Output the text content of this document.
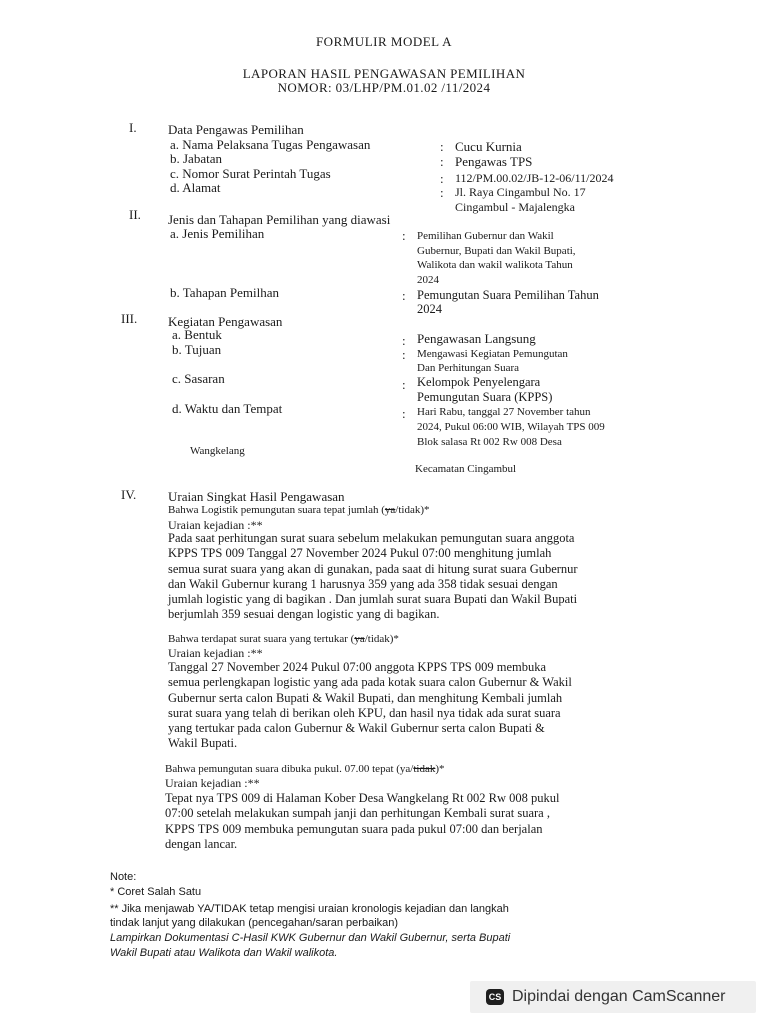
FORMULIR MODEL A
LAPORAN HASIL PENGAWASAN PEMILIHAN
NOMOR: 03/LHP/PM.01.02 /11/2024
I. Data Pengawas Pemilihan
a. Nama Pelaksana Tugas Pengawasan	: Cucu Kurnia
b. Jabatan	: Pengawas TPS
c. Nomor Surat Perintah Tugas	: 112/PM.00.02/JB-12-06/11/2024
d. Alamat	: Jl. Raya Cingambul No. 17
Cingambul - Majalengka
II. Jenis dan Tahapan Pemilihan yang diawasi
a. Jenis Pemilihan	: Pemilihan Gubernur dan Wakil
Gubernur, Bupati dan Wakil Bupati,
Walikota dan wakil walikota Tahun
2024
b. Tahapan Pemilhan	: Pemungutan Suara Pemilihan Tahun
2024
III. Kegiatan Pengawasan
a. Bentuk	: Pengawasan Langsung
b. Tujuan	: Mengawasi Kegiatan Pemungutan
Dan Perhitungan Suara
c. Sasaran	: Kelompok Penyelengara
Pemungutan Suara (KPPS)
d. Waktu dan Tempat	: Hari Rabu, tanggal 27 November tahun
2024, Pukul 06:00 WIB, Wilayah TPS 009
Blok salasa Rt 002 Rw 008 Desa
Wangkelang
Kecamatan Cingambul
IV. Uraian Singkat Hasil Pengawasan
Bahwa Logistik pemungutan suara tepat jumlah (ya/tidak)*
Uraian kejadian :**
Pada saat perhitungan surat suara sebelum melakukan pemungutan suara anggota
KPPS TPS 009 Tanggal 27 November 2024 Pukul 07:00 menghitung jumlah
semua surat suara yang akan di gunakan, pada saat di hitung surat suara Gubernur
dan Wakil Gubernur kurang 1 harusnya 359 yang ada 358 tidak sesuai dengan
jumlah logistic yang di bagikan . Dan jumlah surat suara Bupati dan Wakil Bupati
berjumlah 359 sesuai dengan logistic yang di bagikan.
Bahwa terdapat surat suara yang tertukar (ya/tidak)*
Uraian kejadian :**
Tanggal 27 November 2024 Pukul 07:00 anggota KPPS TPS 009 membuka
semua perlengkapan logistic yang ada pada kotak suara calon Gubernur & Wakil
Gubernur serta calon Bupati & Wakil Bupati, dan menghitung Kembali jumlah
surat suara yang telah di berikan oleh KPU, dan hasil nya tidak ada surat suara
yang tertukar pada calon Gubernur & Wakil Gubernur serta calon Bupati &
Wakil Bupati.
Bahwa pemungutan suara dibuka pukul. 07.00 tepat (ya/tidak)*
Uraian kejadian :**
Tepat nya TPS 009 di Halaman Kober Desa Wangkelang Rt 002 Rw 008 pukul
07:00 setelah melakukan sumpah janji dan perhitungan Kembali surat suara ,
KPPS TPS 009 membuka pemungutan suara pada pukul 07:00 dan berjalan
dengan lancar.
Note:
* Coret Salah Satu
** Jika menjawab YA/TIDAK tetap mengisi uraian kronologis kejadian dan langkah
tindak lanjut yang dilakukan (pencegahan/saran perbaikan)
Lampirkan Dokumentasi C-Hasil KWK Gubernur dan Wakil Gubernur, serta Bupati
Wakil Bupati atau Walikota dan Wakil walikota.
CS Dipindai dengan CamScanner
